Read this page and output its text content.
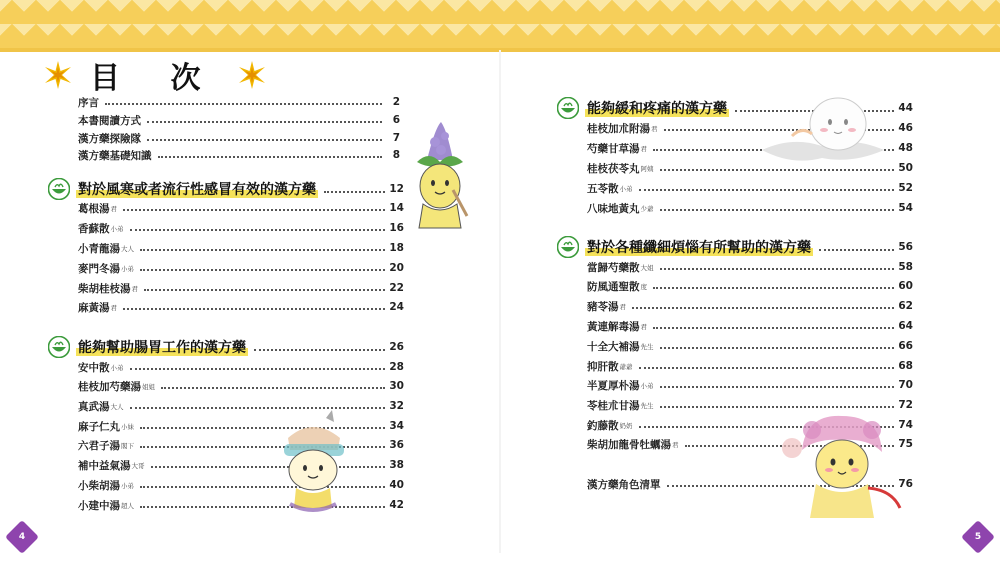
目 次
序言	2
本書閱讀方式	6
漢方藥探險隊	7
漢方藥基礎知識	8
對於風寒或者流行性感冒有效的漢方藥	12
葛根湯 君	14
香蘇散 小弟	16
小青龍湯 大人	18
麥門冬湯 小弟	20
柴胡桂枝湯 君	22
麻黃湯 君	24
能夠幫助腸胃工作的漢方藥	26
安中散 小弟	28
桂枝加芍藥湯 姐姐	30
真武湯 大人	32
麻子仁丸 小妹	34
六君子湯 閣下	36
補中益氣湯 大哥	38
小柴胡湯 小弟	40
小建中湯 超人	42
能夠緩和疼痛的漢方藥	44
桂枝加朮附湯 君	46
芍藥甘草湯 君	48
桂枝茯苓丸 阿姨	50
五苓散 小弟	52
八味地黃丸 少爺	54
對於各種纖細煩惱有所幫助的漢方藥	56
當歸芍藥散 大姐	58
防風通聖散 度	60
豬苓湯 君	62
黃連解毒湯 君	64
十全大補湯 先生	66
抑肝散 爺爺	68
半夏厚朴湯 小弟	70
苓桂朮甘湯 先生	72
釣藤散 奶奶	74
柴胡加龍骨牡蠣湯 君	75
漢方藥角色清單	76
4	5
